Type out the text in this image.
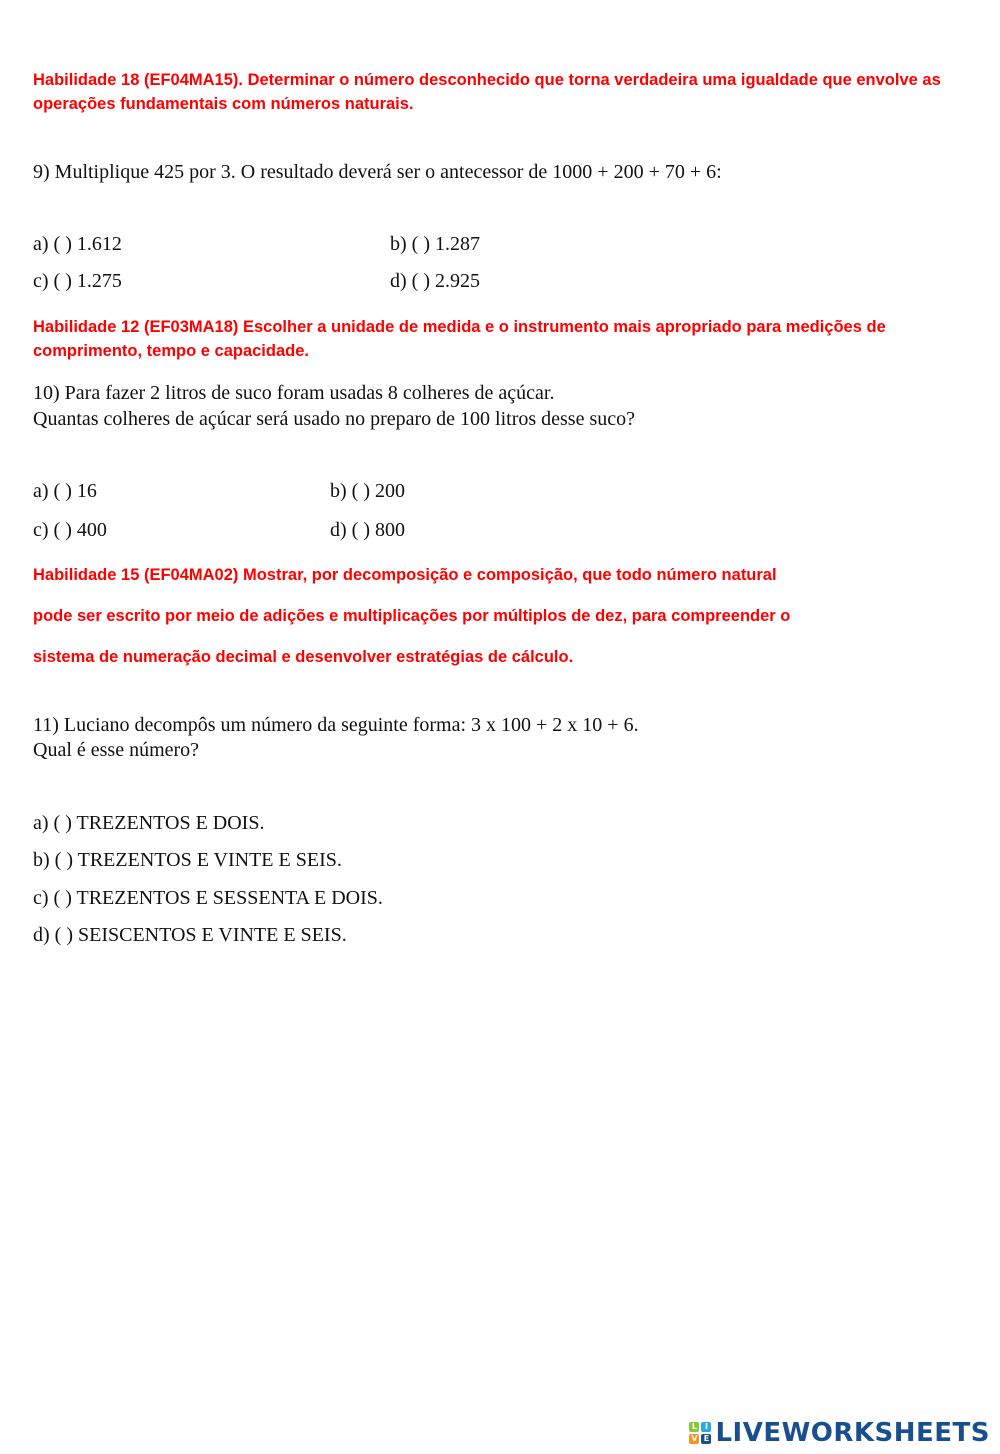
Habilidade 18 (EF04MA15). Determinar o número desconhecido que torna verdadeira uma igualdade que envolve as operações fundamentais com números naturais.

9) Multiplique 425 por 3. O resultado deverá ser o antecessor de 1000 + 200 + 70 + 6:
a) ( ) 1.612	b) ( ) 1.287
c) ( ) 1.275	d) ( ) 2.925

Habilidade 12 (EF03MA18) Escolher a unidade de medida e o instrumento mais apropriado para medições de comprimento, tempo e capacidade.

10) Para fazer 2 litros de suco foram usadas 8 colheres de açúcar.
Quantas colheres de açúcar será usado no preparo de 100 litros desse suco?
a) ( ) 16	b) ( ) 200
c) ( ) 400	d) ( ) 800
Habilidade 15 (EF04MA02) Mostrar, por decomposição e composição, que todo número natural
pode ser escrito por meio de adições e multiplicações por múltiplos de dez, para compreender o
sistema de numeração decimal e desenvolver estratégias de cálculo.
11) Luciano decompôs um número da seguinte forma: 3 x 100 + 2 x 10 + 6.
Qual é esse número?
a) ( ) TREZENTOS E DOIS.
b) ( ) TREZENTOS E VINTE E SEIS.
c) ( ) TREZENTOS E SESSENTA E DOIS.
d) ( ) SEISCENTOS E VINTE E SEIS.
L I
V E LIVEWORKSHEETS
